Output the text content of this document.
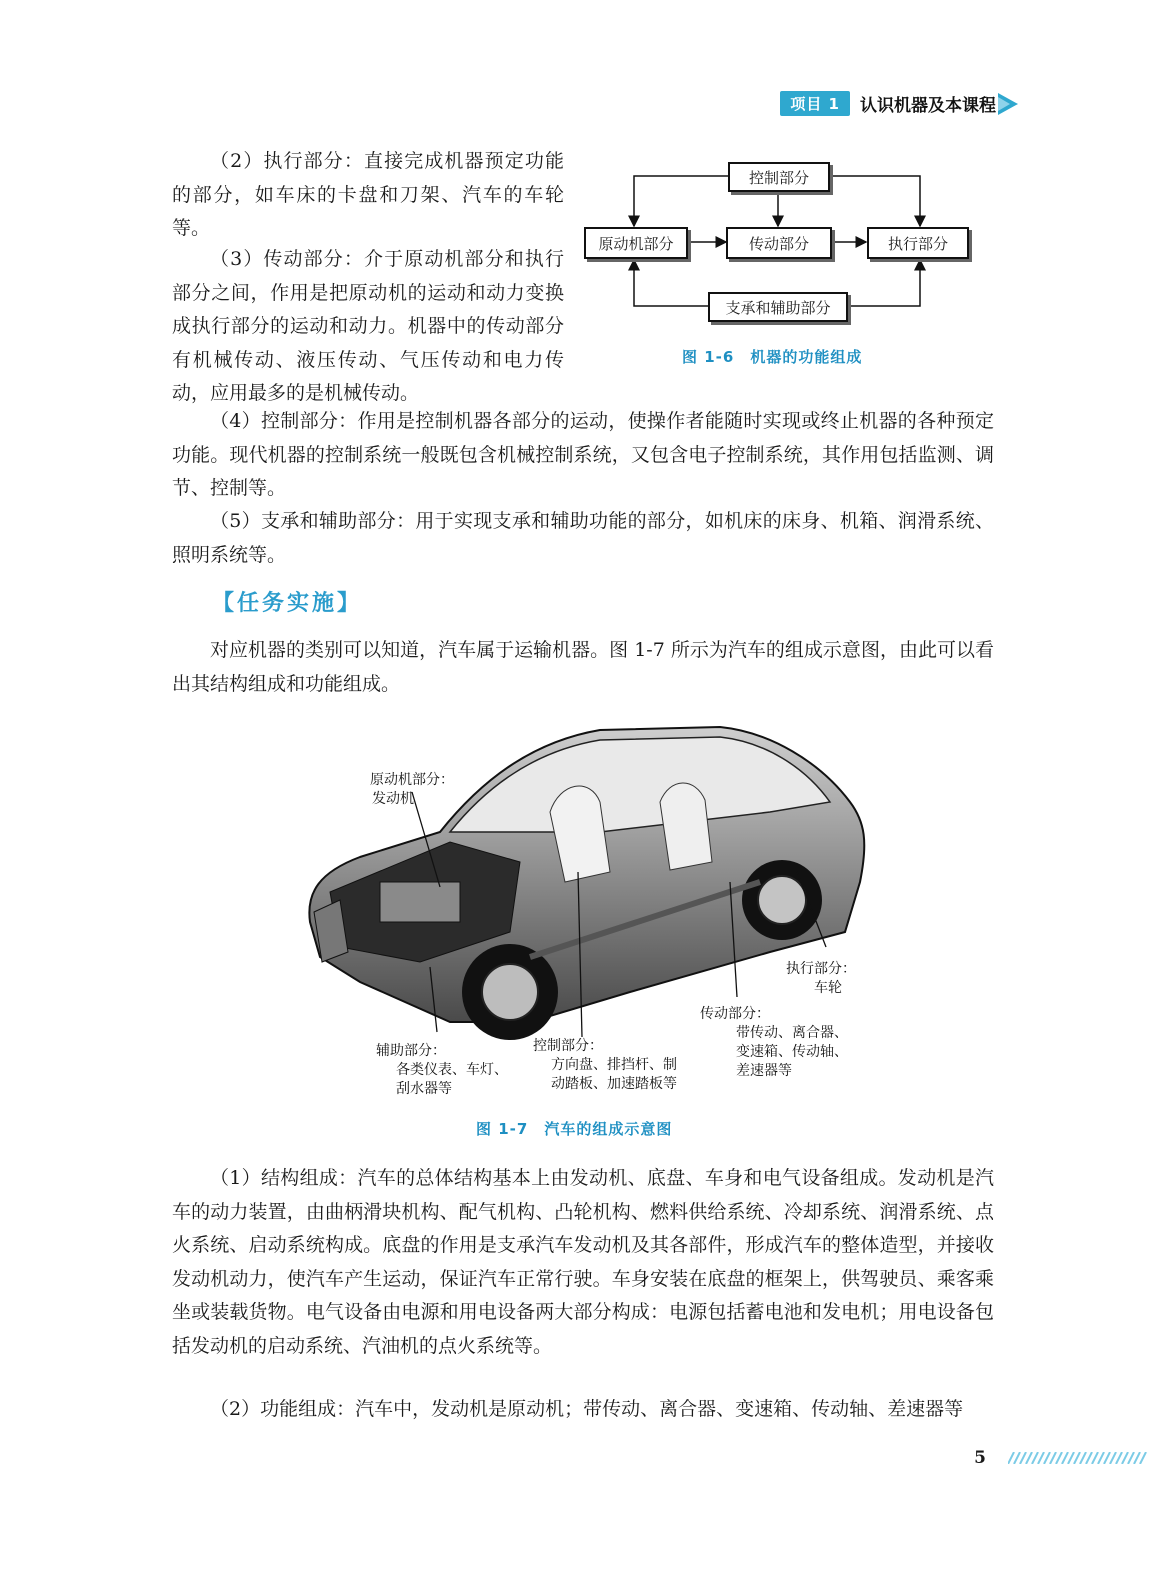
项目 1	认识机器及本课程

（2）执行部分：直接完成机器预定功能的部分，如车床的卡盘和刀架、汽车的车轮等。

（3）传动部分：介于原动机部分和执行部分之间，作用是把原动机的运动和动力变换成执行部分的运动和动力。机器中的传动部分有机械传动、液压传动、气压传动和电力传动，应用最多的是机械传动。

控制部分
原动机部分	传动部分	执行部分
支承和辅助部分
图 1-6　机器的功能组成

（4）控制部分：作用是控制机器各部分的运动，使操作者能随时实现或终止机器的各种预定功能。现代机器的控制系统一般既包含机械控制系统，又包含电子控制系统，其作用包括监测、调节、控制等。

（5）支承和辅助部分：用于实现支承和辅助功能的部分，如机床的床身、机箱、润滑系统、照明系统等。

【任务实施】

对应机器的类别可以知道，汽车属于运输机器。图 1-7 所示为汽车的组成示意图，由此可以看出其结构组成和功能组成。

原动机部分：
发动机
执行部分：
车轮
传动部分：
带传动、离合器、
变速箱、传动轴、
差速器等
辅助部分：
各类仪表、车灯、
刮水器等
控制部分：
方向盘、排挡杆、制
动踏板、加速踏板等
图 1-7　汽车的组成示意图

（1）结构组成：汽车的总体结构基本上由发动机、底盘、车身和电气设备组成。发动机是汽车的动力装置，由曲柄滑块机构、配气机构、凸轮机构、燃料供给系统、冷却系统、润滑系统、点火系统、启动系统构成。底盘的作用是支承汽车发动机及其各部件，形成汽车的整体造型，并接收发动机动力，使汽车产生运动，保证汽车正常行驶。车身安装在底盘的框架上，供驾驶员、乘客乘坐或装载货物。电气设备由电源和用电设备两大部分构成：电源包括蓄电池和发电机；用电设备包括发动机的启动系统、汽油机的点火系统等。

（2）功能组成：汽车中，发动机是原动机；带传动、离合器、变速箱、传动轴、差速器等

5
